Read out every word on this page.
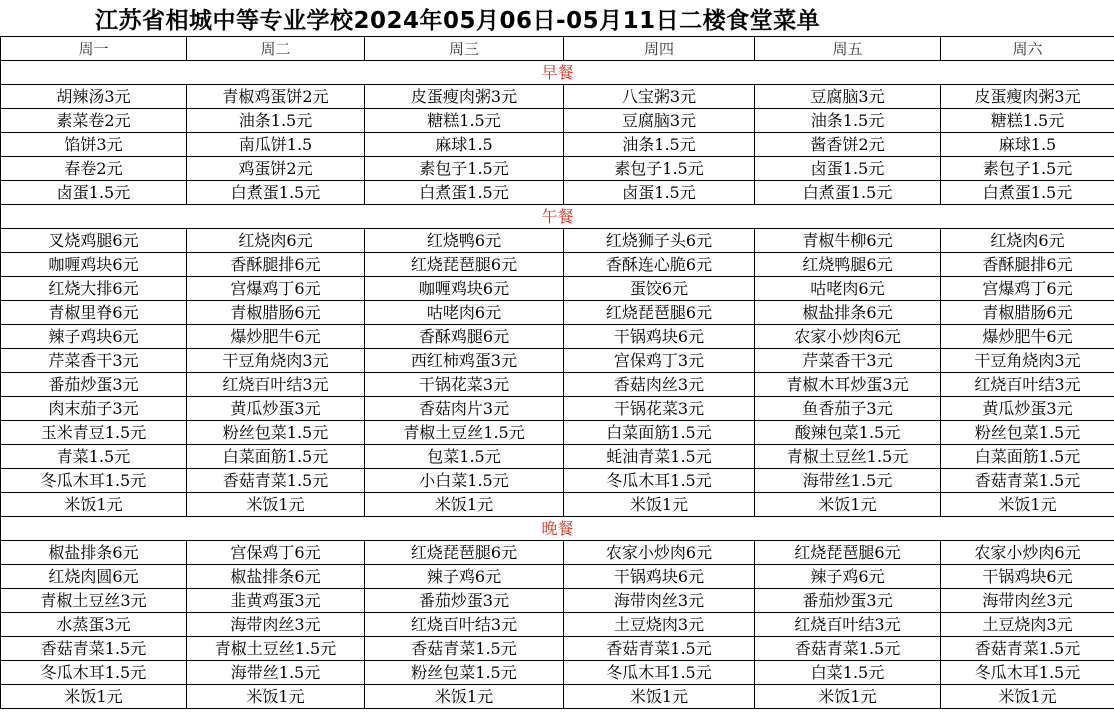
江苏省相城中等专业学校2024年05月06日-05月11日二楼食堂菜单
周一	周二	周三	周四	周五	周六
早餐					
胡辣汤3元	青椒鸡蛋饼2元	皮蛋瘦肉粥3元	八宝粥3元	豆腐脑3元	皮蛋瘦肉粥3元
素菜卷2元	油条1.5元	糖糕1.5元	豆腐脑3元	油条1.5元	糖糕1.5元
馅饼3元	南瓜饼1.5	麻球1.5	油条1.5元	酱香饼2元	麻球1.5
春卷2元	鸡蛋饼2元	素包子1.5元	素包子1.5元	卤蛋1.5元	素包子1.5元
卤蛋1.5元	白煮蛋1.5元	白煮蛋1.5元	卤蛋1.5元	白煮蛋1.5元	白煮蛋1.5元
午餐					
叉烧鸡腿6元	红烧肉6元	红烧鸭6元	红烧狮子头6元	青椒牛柳6元	红烧肉6元
咖喱鸡块6元	香酥腿排6元	红烧琵琶腿6元	香酥连心脆6元	红烧鸭腿6元	香酥腿排6元
红烧大排6元	宫爆鸡丁6元	咖喱鸡块6元	蛋饺6元	咕咾肉6元	宫爆鸡丁6元
青椒里脊6元	青椒腊肠6元	咕咾肉6元	红烧琵琶腿6元	椒盐排条6元	青椒腊肠6元
辣子鸡块6元	爆炒肥牛6元	香酥鸡腿6元	干锅鸡块6元	农家小炒肉6元	爆炒肥牛6元
芹菜香干3元	干豆角烧肉3元	西红柿鸡蛋3元	宫保鸡丁3元	芹菜香干3元	干豆角烧肉3元
番茄炒蛋3元	红烧百叶结3元	干锅花菜3元	香菇肉丝3元	青椒木耳炒蛋3元	红烧百叶结3元
肉末茄子3元	黄瓜炒蛋3元	香菇肉片3元	干锅花菜3元	鱼香茄子3元	黄瓜炒蛋3元
玉米青豆1.5元	粉丝包菜1.5元	青椒土豆丝1.5元	白菜面筋1.5元	酸辣包菜1.5元	粉丝包菜1.5元
青菜1.5元	白菜面筋1.5元	包菜1.5元	蚝油青菜1.5元	青椒土豆丝1.5元	白菜面筋1.5元
冬瓜木耳1.5元	香菇青菜1.5元	小白菜1.5元	冬瓜木耳1.5元	海带丝1.5元	香菇青菜1.5元
米饭1元	米饭1元	米饭1元	米饭1元	米饭1元	米饭1元
晚餐					
椒盐排条6元	宫保鸡丁6元	红烧琵琶腿6元	农家小炒肉6元	红烧琵琶腿6元	农家小炒肉6元
红烧肉圆6元	椒盐排条6元	辣子鸡6元	干锅鸡块6元	辣子鸡6元	干锅鸡块6元
青椒土豆丝3元	韭黄鸡蛋3元	番茄炒蛋3元	海带肉丝3元	番茄炒蛋3元	海带肉丝3元
水蒸蛋3元	海带肉丝3元	红烧百叶结3元	土豆烧肉3元	红烧百叶结3元	土豆烧肉3元
香菇青菜1.5元	青椒土豆丝1.5元	香菇青菜1.5元	香菇青菜1.5元	香菇青菜1.5元	香菇青菜1.5元
冬瓜木耳1.5元	海带丝1.5元	粉丝包菜1.5元	冬瓜木耳1.5元	白菜1.5元	冬瓜木耳1.5元
米饭1元	米饭1元	米饭1元	米饭1元	米饭1元	米饭1元
